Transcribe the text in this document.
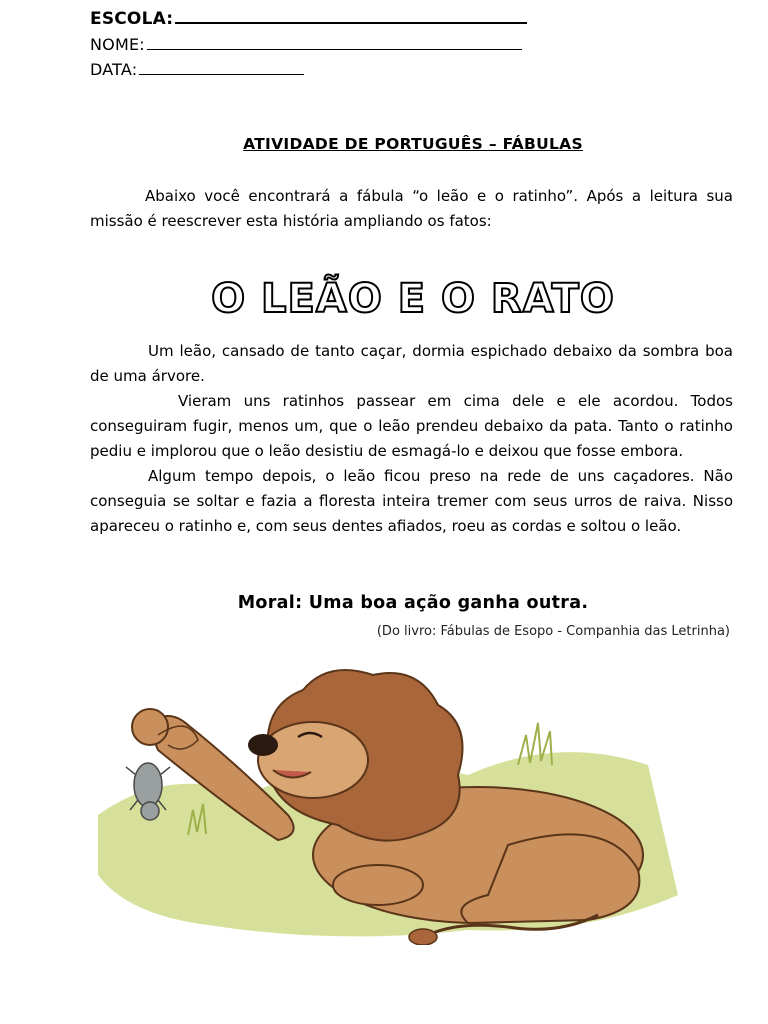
ESCOLA:
NOME:
DATA:
ATIVIDADE DE PORTUGUÊS – FÁBULAS

Abaixo você encontrará a fábula “o leão e o ratinho”. Após a leitura sua missão é reescrever esta história ampliando os fatos:

O LEÃO E O RATO

Um leão, cansado de tanto caçar, dormia espichado debaixo da sombra boa de uma árvore.

Vieram uns ratinhos passear em cima dele e ele acordou. Todos conseguiram fugir, menos um, que o leão prendeu debaixo da pata. Tanto o ratinho pediu e implorou que o leão desistiu de esmagá-lo e deixou que fosse embora.

Algum tempo depois, o leão ficou preso na rede de uns caçadores. Não conseguia se soltar e fazia a floresta inteira tremer com seus urros de raiva. Nisso apareceu o ratinho e, com seus dentes afiados, roeu as cordas e soltou o leão.

Moral: Uma boa ação ganha outra.
(Do livro: Fábulas de Esopo - Companhia das Letrinha)
